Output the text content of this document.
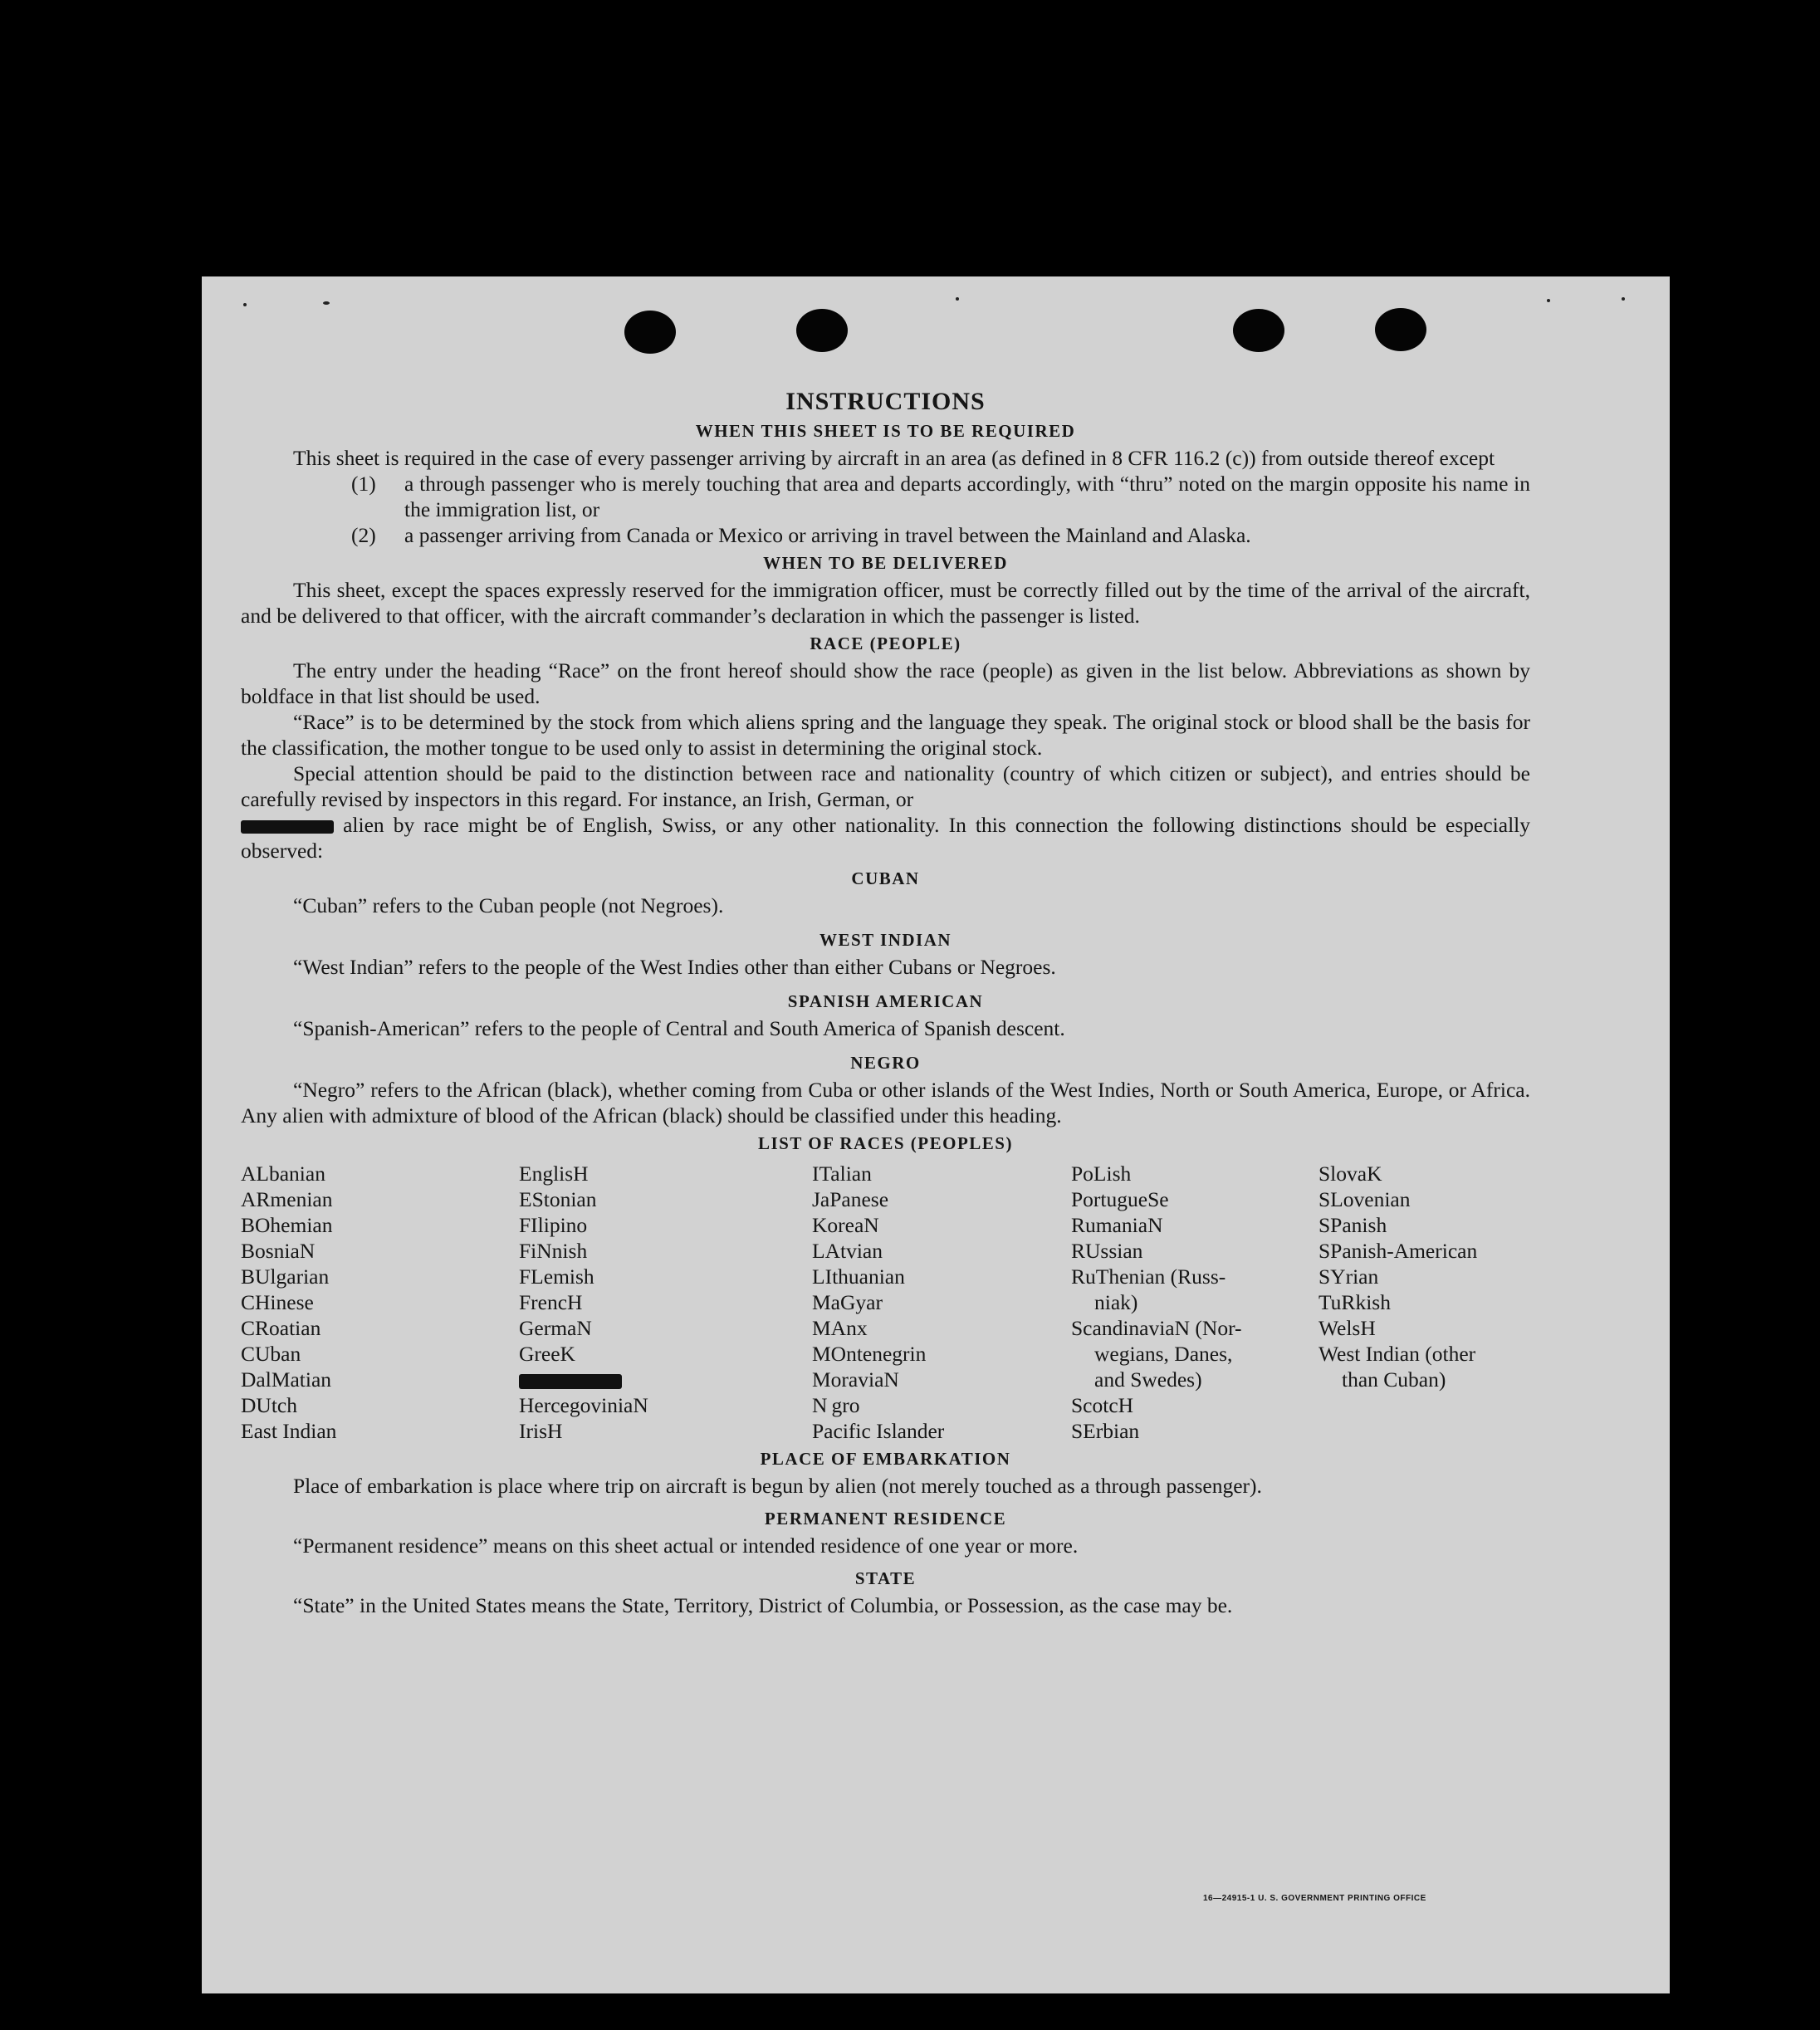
INSTRUCTIONS
WHEN THIS SHEET IS TO BE REQUIRED

This sheet is required in the case of every passenger arriving by aircraft in an area (as defined in 8 CFR 116.2 (c)) from outside thereof except

(1)	a through passenger who is merely touching that area and departs accordingly, with “thru” noted on the margin opposite his name in the immigration list, or
(2)	a passenger arriving from Canada or Mexico or arriving in travel between the Mainland and Alaska.
WHEN TO BE DELIVERED

This sheet, except the spaces expressly reserved for the immigration officer, must be correctly filled out by the time of the arrival of the aircraft, and be delivered to that officer, with the aircraft commander’s declaration in which the passenger is listed.

RACE (PEOPLE)

The entry under the heading “Race” on the front hereof should show the race (people) as given in the list below. Abbreviations as shown by boldface in that list should be used.

“Race” is to be determined by the stock from which aliens spring and the language they speak. The original stock or blood shall be the basis for the classification, the mother tongue to be used only to assist in determining the original stock.

Special attention should be paid to the distinction between race and nationality (country of which citizen or subject), and entries should be carefully revised by inspectors in this regard. For instance, an Irish, German, or

alien by race might be of English, Swiss, or any other nationality. In this connection the following distinctions should be especially observed:

CUBAN

“Cuban” refers to the Cuban people (not Negroes).

WEST INDIAN

“West Indian” refers to the people of the West Indies other than either Cubans or Negroes.

SPANISH AMERICAN

“Spanish-American” refers to the people of Central and South America of Spanish descent.

NEGRO

“Negro” refers to the African (black), whether coming from Cuba or other islands of the West Indies, North or South America, Europe, or Africa. Any alien with admixture of blood of the African (black) should be classified under this heading.

LIST OF RACES (PEOPLES)
ALbanian
ARmenian
BOhemian
BosniaN
BUlgarian
CHinese
CRoatian
CUban
DalMatian
DUtch
East Indian
EnglisH
EStonian
FIlipino
FiNnish
FLemish
FrencH
GermaN
GreeK
HercegoviniaN
IrisH
ITalian
JaPanese
KoreaN
LAtvian
LIthuanian
MaGyar
MAnx
MOntenegrin
MoraviaN
N gro
Pacific Islander
PoLish
PortugueSe
RumaniaN
RUssian
RuThenian (Russ-
niak)
ScandinaviaN (Nor-
wegians, Danes,
and Swedes)
ScotcH
SErbian
SlovaK
SLovenian
SPanish
SPanish-American
SYrian
TuRkish
WelsH
West Indian (other
than Cuban)
PLACE OF EMBARKATION

Place of embarkation is place where trip on aircraft is begun by alien (not merely touched as a through passenger).

PERMANENT RESIDENCE

“Permanent residence” means on this sheet actual or intended residence of one year or more.

STATE

“State” in the United States means the State, Territory, District of Columbia, or Possession, as the case may be.

16—24915-1 U. S. GOVERNMENT PRINTING OFFICE
